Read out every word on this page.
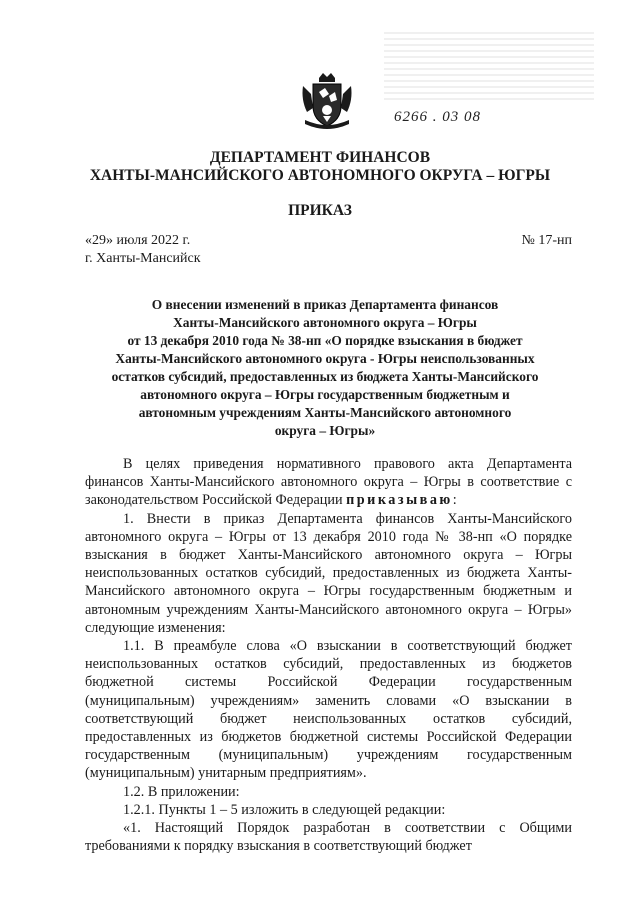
6266 . 03 08

ДЕПАРТАМЕНТ ФИНАНСОВ

ХАНТЫ-МАНСИЙСКОГО АВТОНОМНОГО ОКРУГА – ЮГРЫ

ПРИКАЗ

«29» июля 2022 г.	№ 17-нп
г. Ханты-Мансийск
О внесении изменений в приказ Департамента финансов
Ханты-Мансийского автономного округа – Югры
от 13 декабря 2010 года № 38-нп «О порядке взыскания в бюджет
Ханты-Мансийского автономного округа - Югры неиспользованных
остатков субсидий, предоставленных из бюджета Ханты-Мансийского
автономного округа – Югры государственным бюджетным и
автономным учреждениям Ханты-Мансийского автономного
округа – Югры»

В целях приведения нормативного правового акта Департамента финансов Ханты-Мансийского автономного округа – Югры в соответствие с законодательством Российской Федерации приказываю:

1. Внести в приказ Департамента финансов Ханты-Мансийского автономного округа – Югры от 13 декабря 2010 года № 38-нп «О порядке взыскания в бюджет Ханты-Мансийского автономного округа – Югры неиспользованных остатков субсидий, предоставленных из бюджета Ханты-Мансийского автономного округа – Югры государственным бюджетным и автономным учреждениям Ханты-Мансийского автономного округа – Югры» следующие изменения:

1.1. В преамбуле слова «О взыскании в соответствующий бюджет неиспользованных остатков субсидий, предоставленных из бюджетов бюджетной системы Российской Федерации государственным (муниципальным) учреждениям» заменить словами «О взыскании в соответствующий бюджет неиспользованных остатков субсидий, предоставленных из бюджетов бюджетной системы Российской Федерации государственным (муниципальным) учреждениям государственным (муниципальным) унитарным предприятиям».

1.2. В приложении:

1.2.1. Пункты 1 – 5 изложить в следующей редакции:

«1. Настоящий Порядок разработан в соответствии с Общими требованиями к порядку взыскания в соответствующий бюджет
